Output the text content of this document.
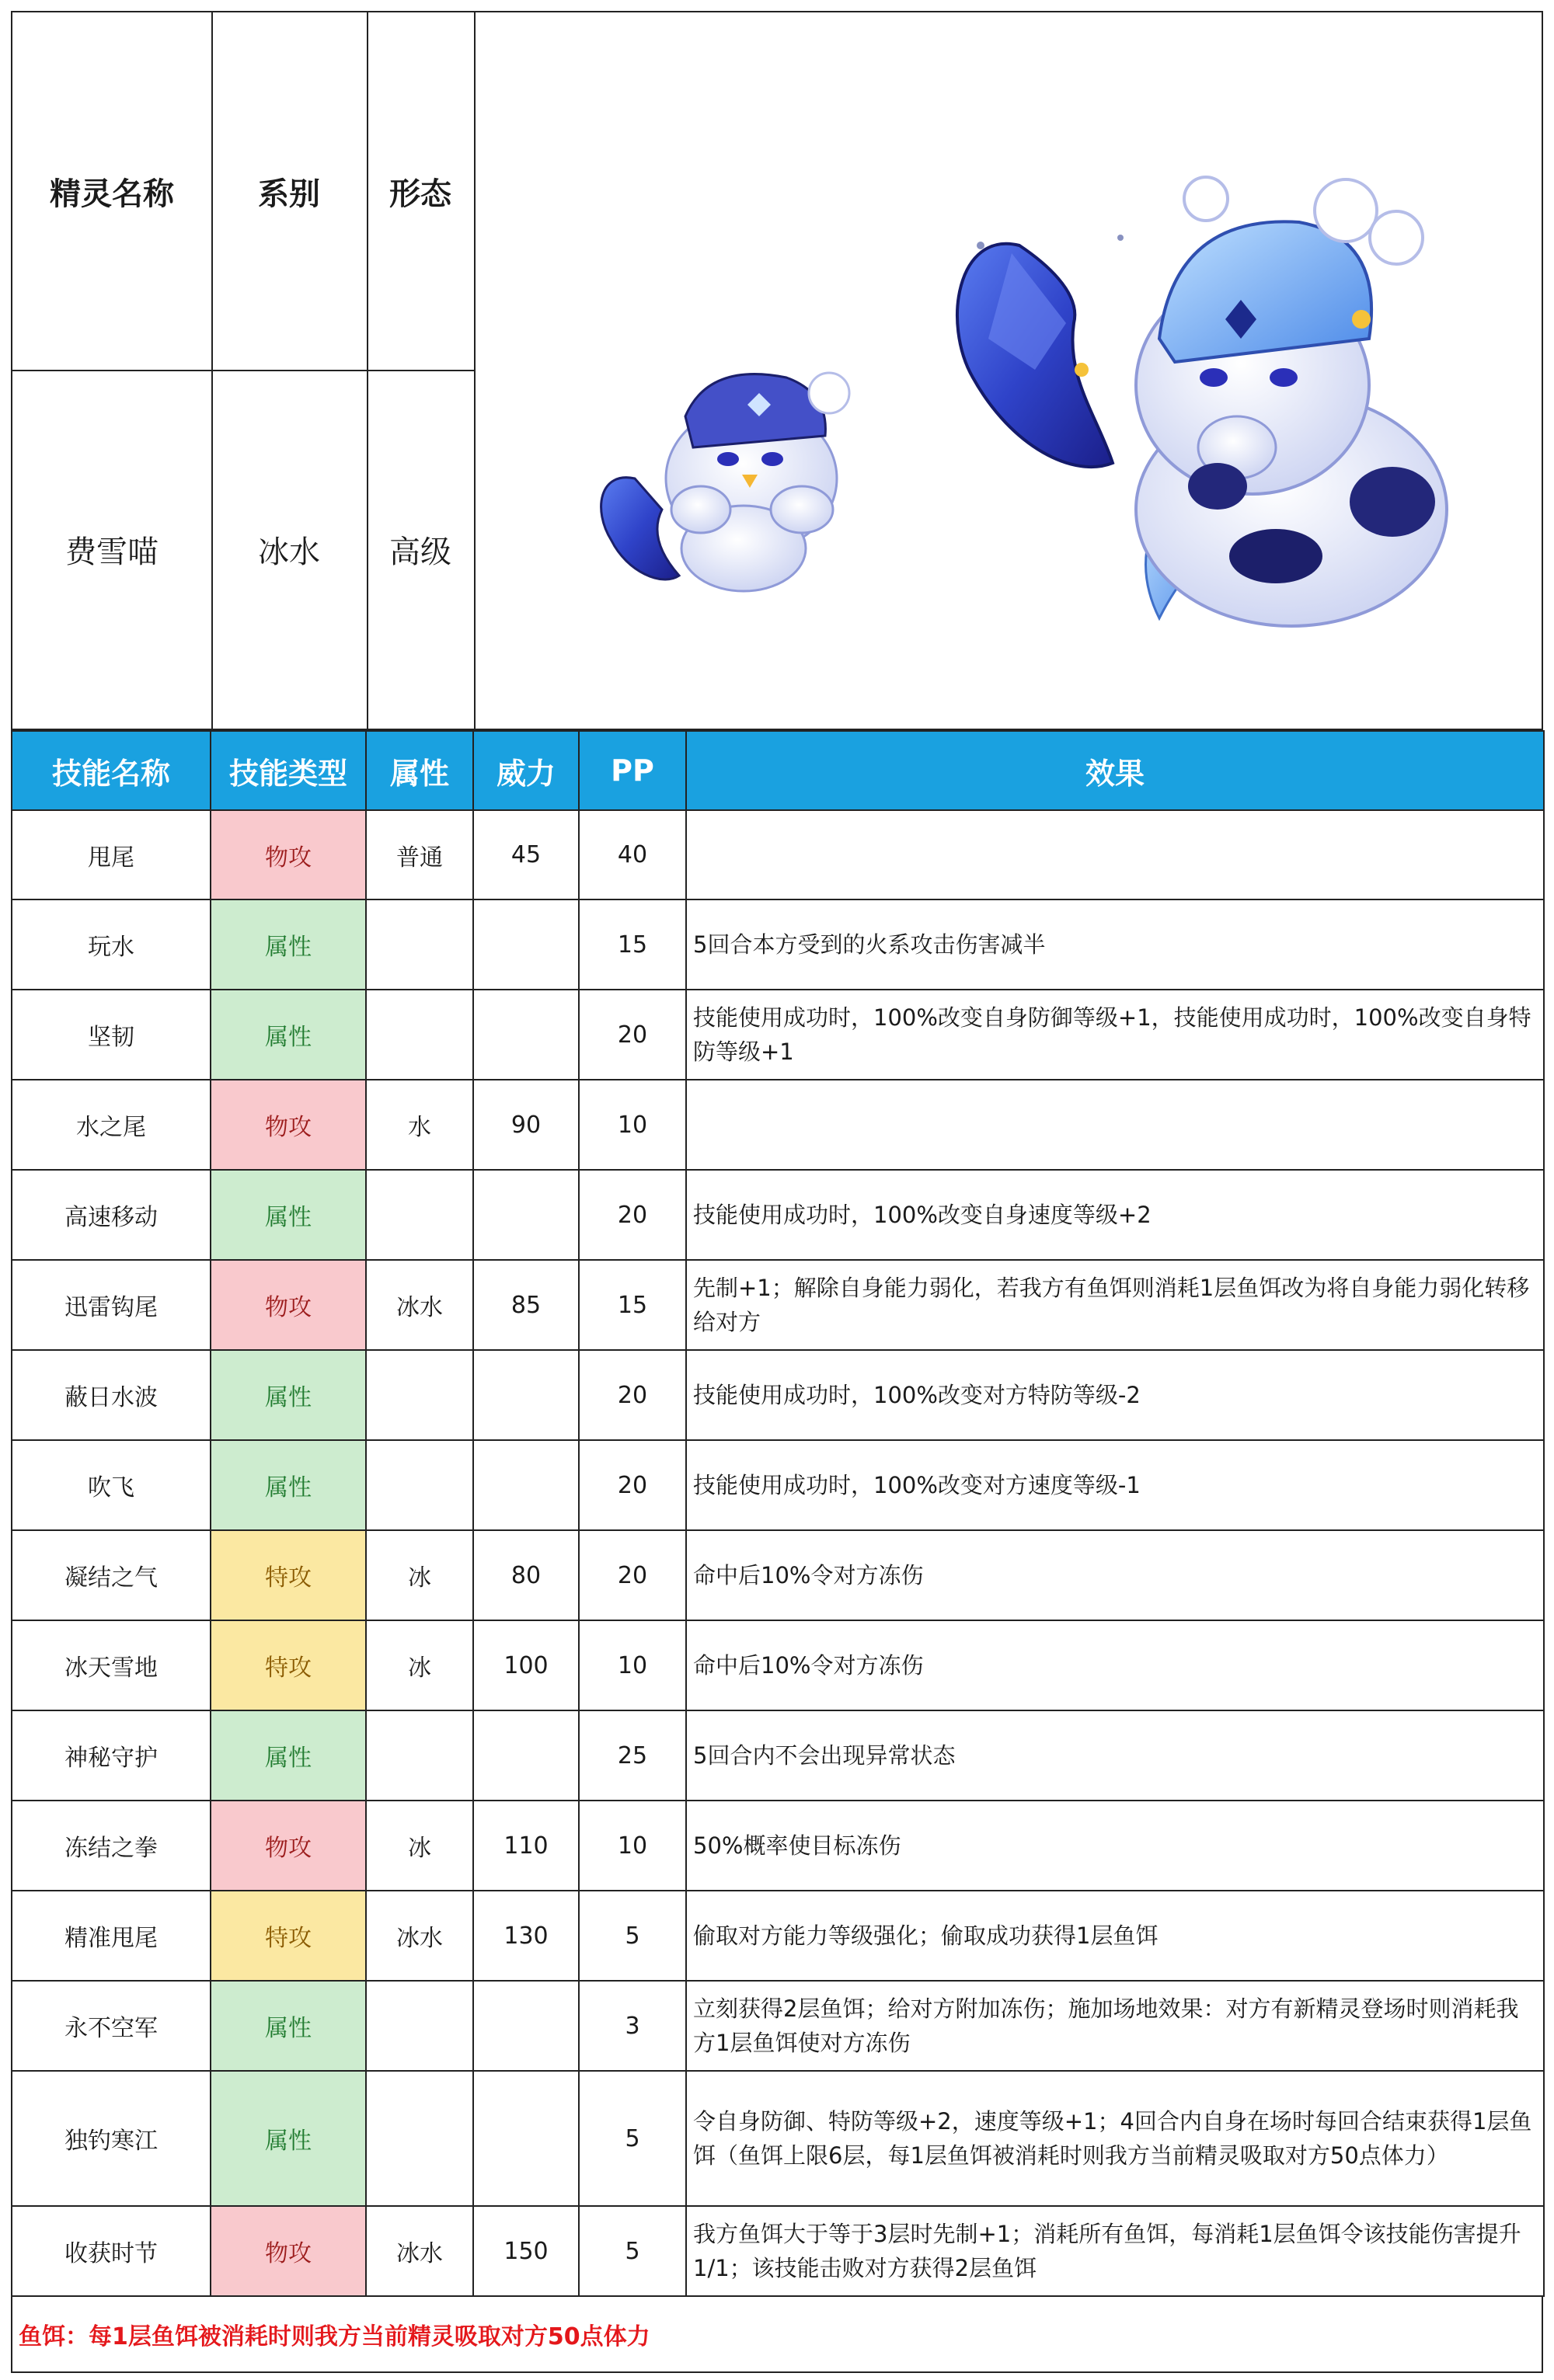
精灵名称	系别	形态
费雪喵	冰水	高级
技能名称	技能类型	属性	威力	PP	效果
甩尾	物攻	普通	45	40	
玩水	属性			15	5回合本方受到的火系攻击伤害减半
坚韧	属性			20	技能使用成功时，100%改变自身防御等级+1，技能使用成功时，100%改变自身特防等级+1
水之尾	物攻	水	90	10	
高速移动	属性			20	技能使用成功时，100%改变自身速度等级+2
迅雷钩尾	物攻	冰水	85	15	先制+1；解除自身能力弱化，若我方有鱼饵则消耗1层鱼饵改为将自身能力弱化转移给对方
蔽日水波	属性			20	技能使用成功时，100%改变对方特防等级-2
吹飞	属性			20	技能使用成功时，100%改变对方速度等级-1
凝结之气	特攻	冰	80	20	命中后10%令对方冻伤
冰天雪地	特攻	冰	100	10	命中后10%令对方冻伤
神秘守护	属性			25	5回合内不会出现异常状态
冻结之拳	物攻	冰	110	10	50%概率使目标冻伤
精准甩尾	特攻	冰水	130	5	偷取对方能力等级强化；偷取成功获得1层鱼饵
永不空军	属性			3	立刻获得2层鱼饵；给对方附加冻伤；施加场地效果：对方有新精灵登场时则消耗我方1层鱼饵使对方冻伤
独钓寒江	属性			5	令自身防御、特防等级+2，速度等级+1；4回合内自身在场时每回合结束获得1层鱼饵（鱼饵上限6层，每1层鱼饵被消耗时则我方当前精灵吸取对方50点体力）
收获时节	物攻	冰水	150	5	我方鱼饵大于等于3层时先制+1；消耗所有鱼饵，每消耗1层鱼饵令该技能伤害提升1/1；该技能击败对方获得2层鱼饵
鱼饵：每1层鱼饵被消耗时则我方当前精灵吸取对方50点体力
